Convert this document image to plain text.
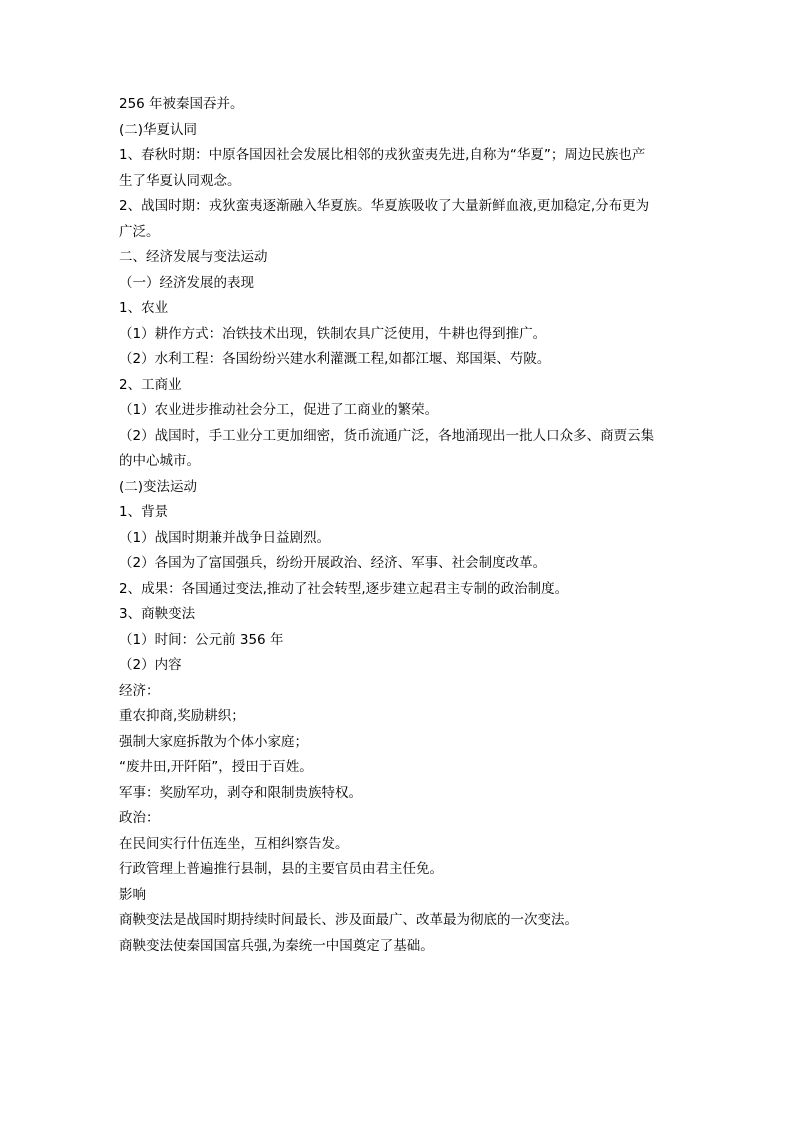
256 年被秦国吞并。

(二)华夏认同

1、春秋时期：中原各国因社会发展比相邻的戎狄蛮夷先进,自称为“华夏”；周边民族也产

生了华夏认同观念。

2、战国时期：戎狄蛮夷逐渐融入华夏族。华夏族吸收了大量新鲜血液,更加稳定,分布更为

广泛。

二、经济发展与变法运动

（一）经济发展的表现

1、农业

（1）耕作方式：冶铁技术出现，铁制农具广泛使用，牛耕也得到推广。

（2）水利工程：各国纷纷兴建水利灌溉工程,如都江堰、郑国渠、芍陂。

2、工商业

（1）农业进步推动社会分工，促进了工商业的繁荣。

（2）战国时，手工业分工更加细密，货币流通广泛，各地涌现出一批人口众多、商贾云集

的中心城市。

(二)变法运动

1、背景

（1）战国时期兼并战争日益剧烈。

（2）各国为了富国强兵，纷纷开展政治、经济、军事、社会制度改革。

2、成果：各国通过变法,推动了社会转型,逐步建立起君主专制的政治制度。

3、商鞅变法

（1）时间：公元前 356 年

（2）内容

经济：

重农抑商,奖励耕织；

强制大家庭拆散为个体小家庭；

“废井田,开阡陌”，授田于百姓。

军事：奖励军功，剥夺和限制贵族特权。

政治：

在民间实行什伍连坐，互相纠察告发。

行政管理上普遍推行县制，县的主要官员由君主任免。

影响

商鞅变法是战国时期持续时间最长、涉及面最广、改革最为彻底的一次变法。

商鞅变法使秦国国富兵强,为秦统一中国奠定了基础。
